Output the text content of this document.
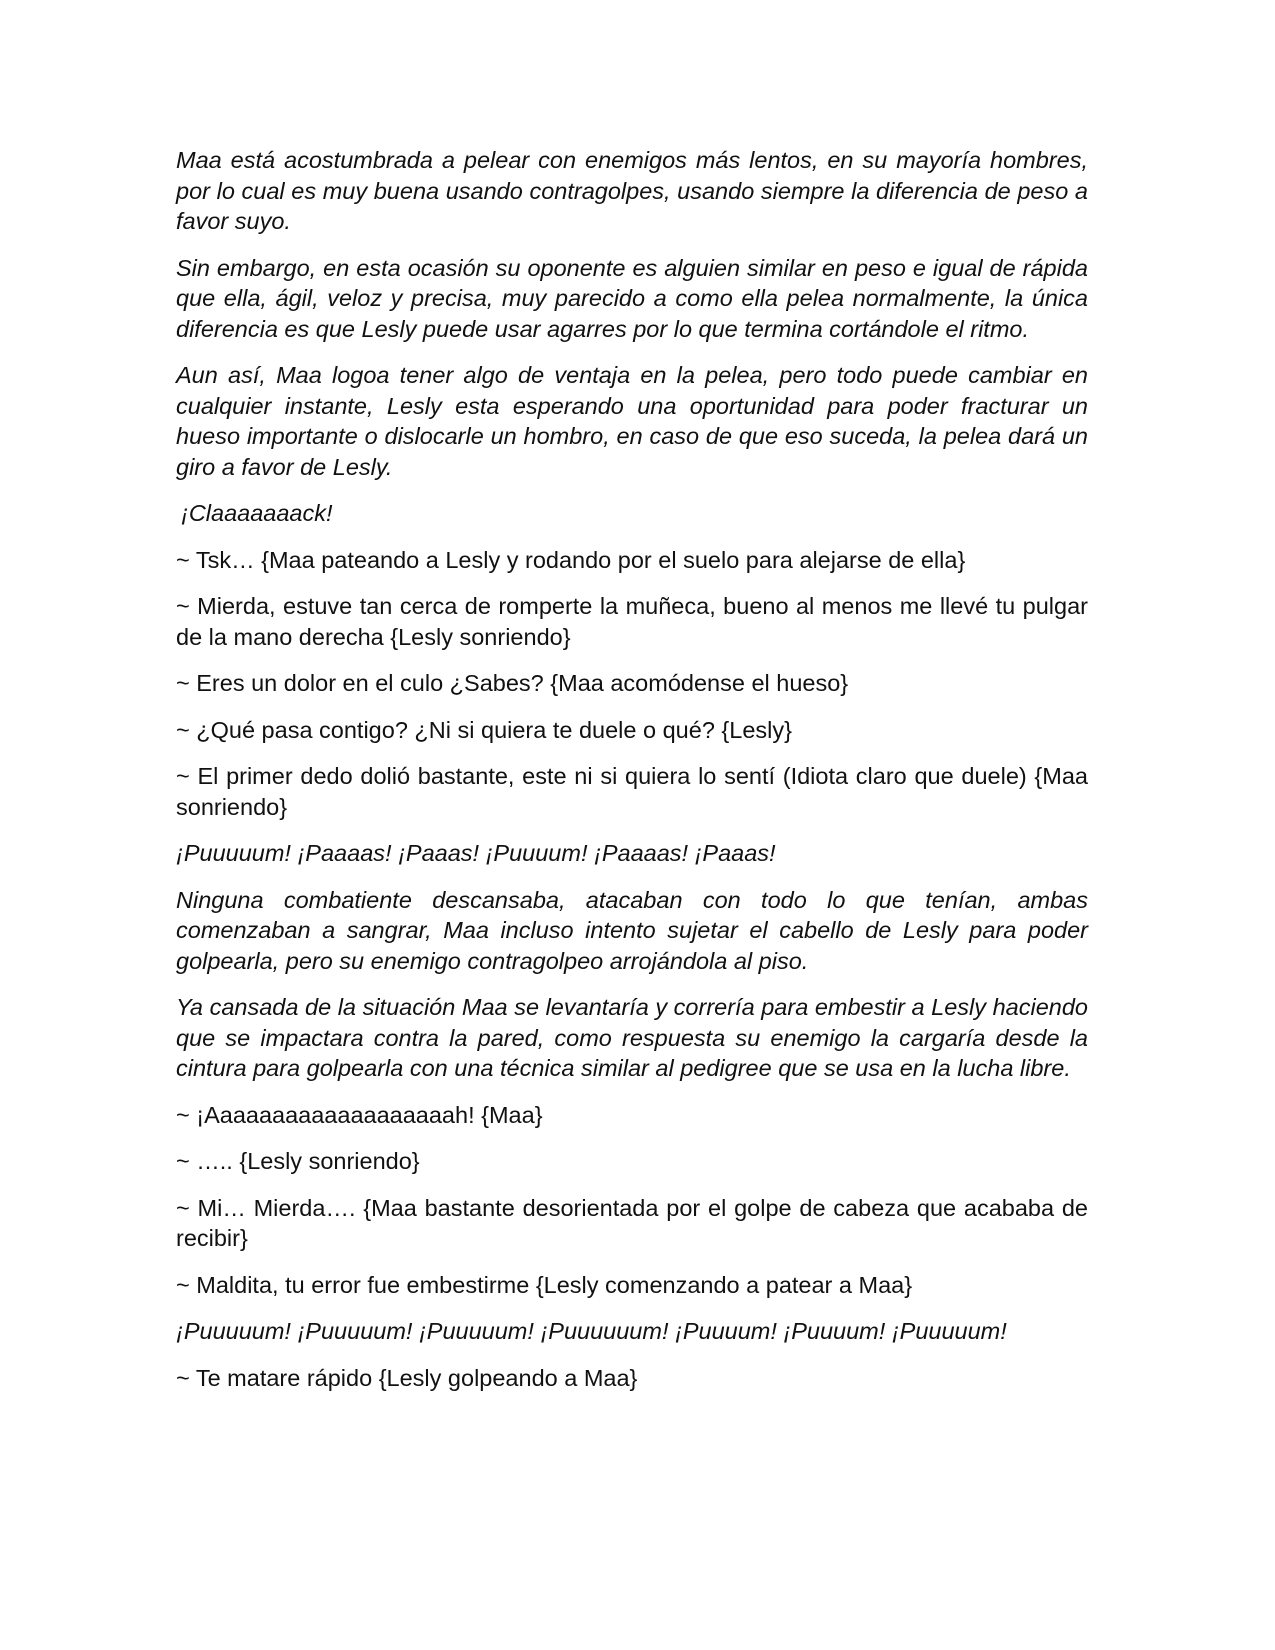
Maa está acostumbrada a pelear con enemigos más lentos, en su mayoría hombres, por lo cual es muy buena usando contragolpes, usando siempre la diferencia de peso a favor suyo.

Sin embargo, en esta ocasión su oponente es alguien similar en peso e igual de rápida que ella, ágil, veloz y precisa, muy parecido a como ella pelea normalmente, la única diferencia es que Lesly puede usar agarres por lo que termina cortándole el ritmo.

Aun así, Maa logoa tener algo de ventaja en la pelea, pero todo puede cambiar en cualquier instante, Lesly esta esperando una oportunidad para poder fracturar un hueso importante o dislocarle un hombro, en caso de que eso suceda, la pelea dará un giro a favor de Lesly.

¡Claaaaaaack!

~ Tsk… {Maa pateando a Lesly y rodando por el suelo para alejarse de ella}

~ Mierda, estuve tan cerca de romperte la muñeca, bueno al menos me llevé tu pulgar de la mano derecha {Lesly sonriendo}

~ Eres un dolor en el culo ¿Sabes? {Maa acomódense el hueso}

~ ¿Qué pasa contigo? ¿Ni si quiera te duele o qué? {Lesly}

~ El primer dedo dolió bastante, este ni si quiera lo sentí (Idiota claro que duele) {Maa sonriendo}

¡Puuuuum! ¡Paaaas! ¡Paaas! ¡Puuuum! ¡Paaaas! ¡Paaas!

Ninguna combatiente descansaba, atacaban con todo lo que tenían, ambas comenzaban a sangrar, Maa incluso intento sujetar el cabello de Lesly para poder golpearla, pero su enemigo contragolpeo arrojándola al piso.

Ya cansada de la situación Maa se levantaría y correría para embestir a Lesly haciendo que se impactara contra la pared, como respuesta su enemigo la cargaría desde la cintura para golpearla con una técnica similar al pedigree que se usa en la lucha libre.

~ ¡Aaaaaaaaaaaaaaaaaaah! {Maa}

~ ….. {Lesly sonriendo}

~ Mi… Mierda…. {Maa bastante desorientada por el golpe de cabeza que acababa de recibir}

~ Maldita, tu error fue embestirme {Lesly comenzando a patear a Maa}

¡Puuuuum! ¡Puuuuum! ¡Puuuuum! ¡Puuuuuum! ¡Puuuum! ¡Puuuum! ¡Puuuuum!

~ Te matare rápido {Lesly golpeando a Maa}
